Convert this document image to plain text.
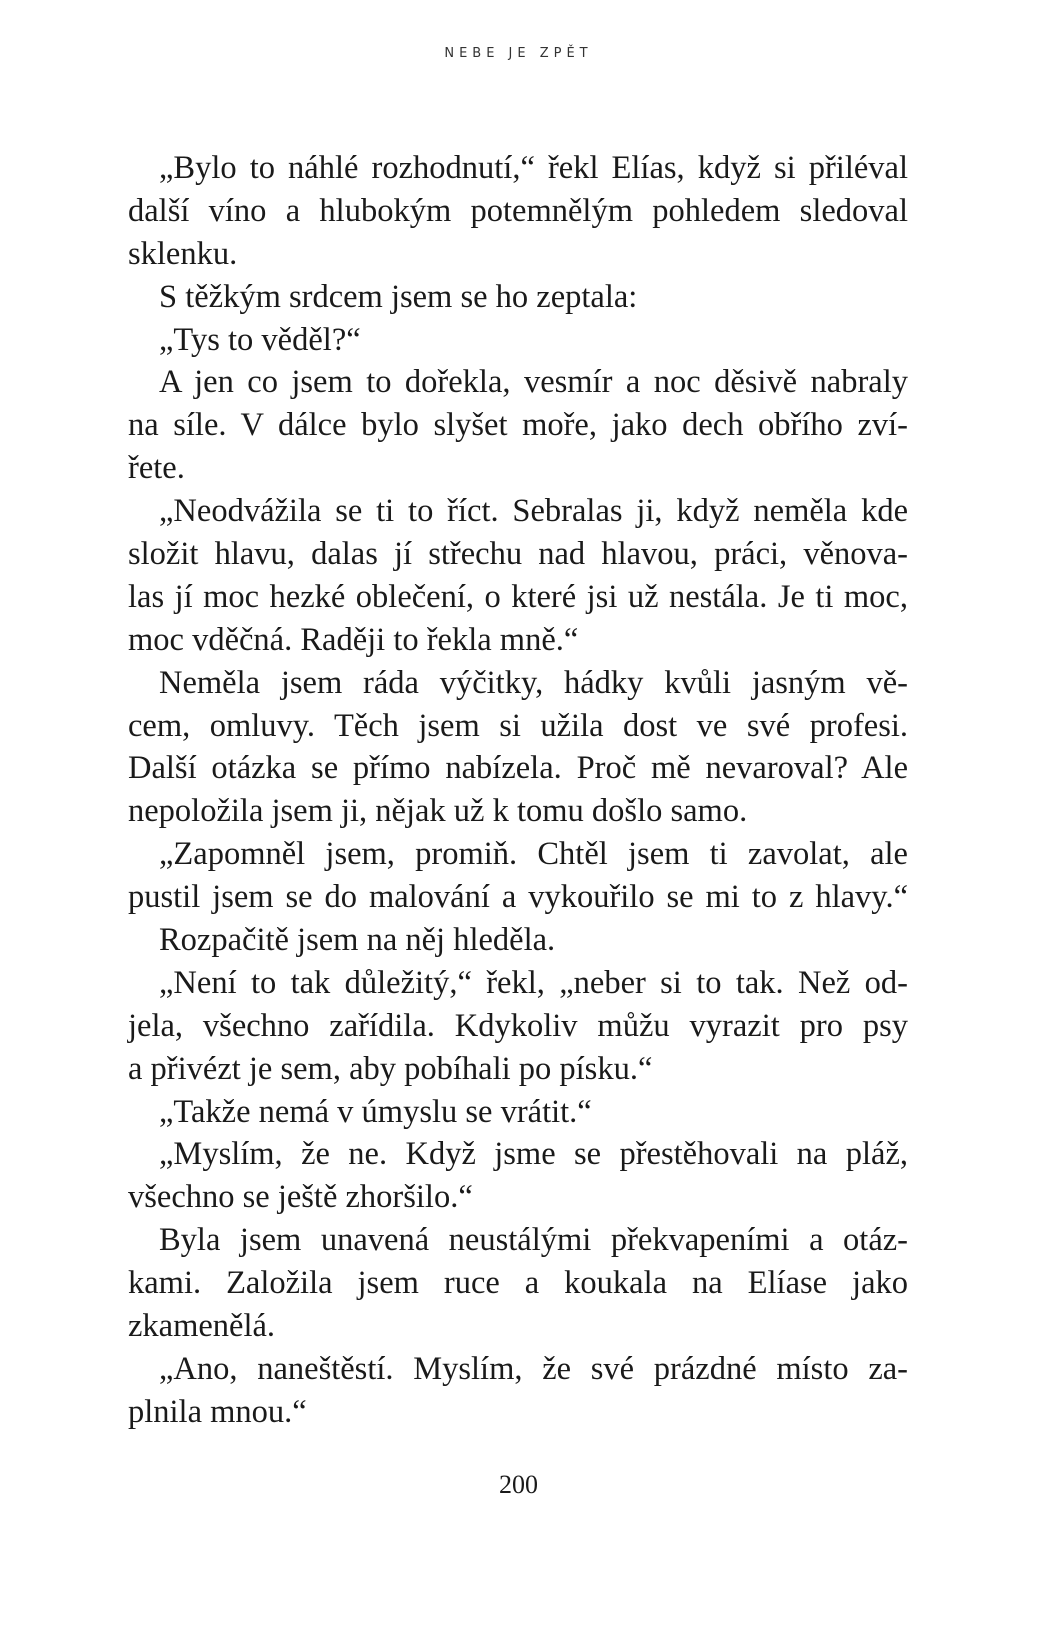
NEBE JE ZPĚT
„Bylo to náhlé rozhodnutí,“ řekl Elías, když si přiléval
další víno a hlubokým potemnělým pohledem sledoval
sklenku.
S těžkým srdcem jsem se ho zeptala:
„Tys to věděl?“
A jen co jsem to dořekla, vesmír a noc děsivě nabraly
na síle. V dálce bylo slyšet moře, jako dech obřího zví-
řete.
„Neodvážila se ti to říct. Sebralas ji, když neměla kde
složit hlavu, dalas jí střechu nad hlavou, práci, věnova-
las jí moc hezké oblečení, o které jsi už nestála. Je ti moc,
moc vděčná. Raději to řekla mně.“
Neměla jsem ráda výčitky, hádky kvůli jasným vě-
cem, omluvy. Těch jsem si užila dost ve své profesi.
Další otázka se přímo nabízela. Proč mě nevaroval? Ale
nepoložila jsem ji, nějak už k tomu došlo samo.
„Zapomněl jsem, promiň. Chtěl jsem ti zavolat, ale
pustil jsem se do malování a vykouřilo se mi to z hlavy.“
Rozpačitě jsem na něj hleděla.
„Není to tak důležitý,“ řekl, „neber si to tak. Než od-
jela, všechno zařídila. Kdykoliv můžu vyrazit pro psy
a přivézt je sem, aby pobíhali po písku.“
„Takže nemá v úmyslu se vrátit.“
„Myslím, že ne. Když jsme se přestěhovali na pláž,
všechno se ještě zhoršilo.“
Byla jsem unavená neustálými překvapeními a otáz-
kami. Založila jsem ruce a koukala na Elíase jako
zkamenělá.
„Ano, naneštěstí. Myslím, že své prázdné místo za-
plnila mnou.“
200
